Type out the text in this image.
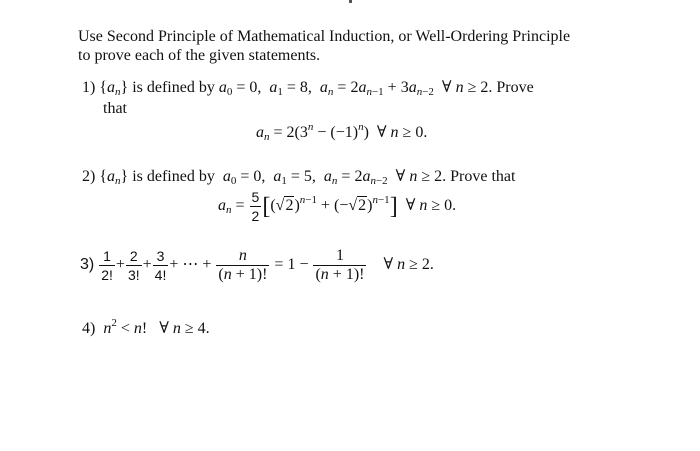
Use Second Principle of Mathematical Induction, or Well-Ordering Principle
to prove each of the given statements.
1) $\{a_n\}$ is defined by $a_0 = 0$,  $a_1 = 8$,  $a_n = 2a_{n-1} + 3a_{n-2}$  ∀ n ≥ 2. Prove
that
$a_n = 2(3^n - (-1)^n)$  ∀ n ≥ 0.
2) $\{a_n\}$ is defined by $a_0 = 0$,  $a_1 = 5$,  $a_n = 2a_{n-2}$  ∀ n ≥ 2. Prove that
$a_n = \frac{5}{2} [(√2)^{n-1} + (-√2)^{n-1}]$  ∀ n ≥ 0.
$3) \frac{1}{2!} + \frac{2}{3!} + \frac{3}{4!}$ + ⋯ + $\frac{n}{(n + 1)!} = 1 - \frac{1}{(n + 1)!}$ ∀ n ≥ 2.
4) $n^2 < n$!   ∀ n ≥ 4.
